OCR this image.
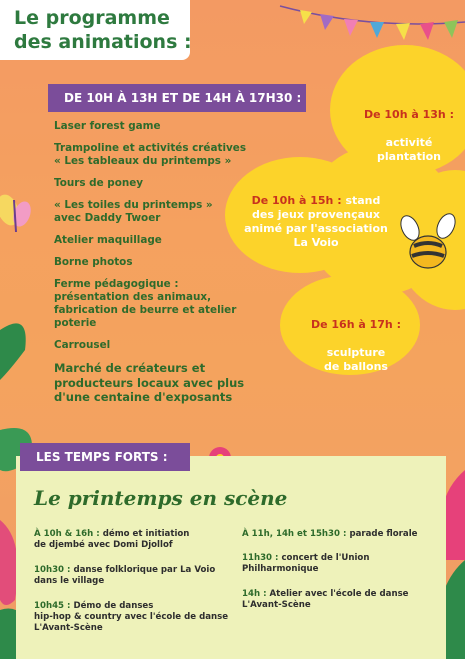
Le programme
des animations :
DE 10H À 13H ET DE 14H À 17H30 :
Laser forest game
Trampoline et activités créatives
« Les tableaux du printemps »
Tours de poney
« Les toiles du printemps »
avec Daddy Twoer
Atelier maquillage
Borne photos
Ferme pédagogique :
présentation des animaux,
fabrication de beurre et atelier
poterie
Carrousel
Marché de créateurs et
producteurs locaux avec plus
d'une centaine d'exposants

De 10h à 13h :

activité
plantation

De 10h à 15h : stand
des jeux provençaux
animé par l'association
La Voio

De 16h à 17h :

sculpture
de ballons

LES TEMPS FORTS :
Le printemps en scène

À 10h & 16h : démo et initiation
de djembé avec Domi Djollof

10h30 : danse folklorique par La Voio
dans le village

10h45 : Démo de danses
hip-hop & country avec l'école de danse
L'Avant-Scène

À 11h, 14h et 15h30 : parade florale

11h30 : concert de l'Union
Philharmonique

14h : Atelier avec l'école de danse
L'Avant-Scène
